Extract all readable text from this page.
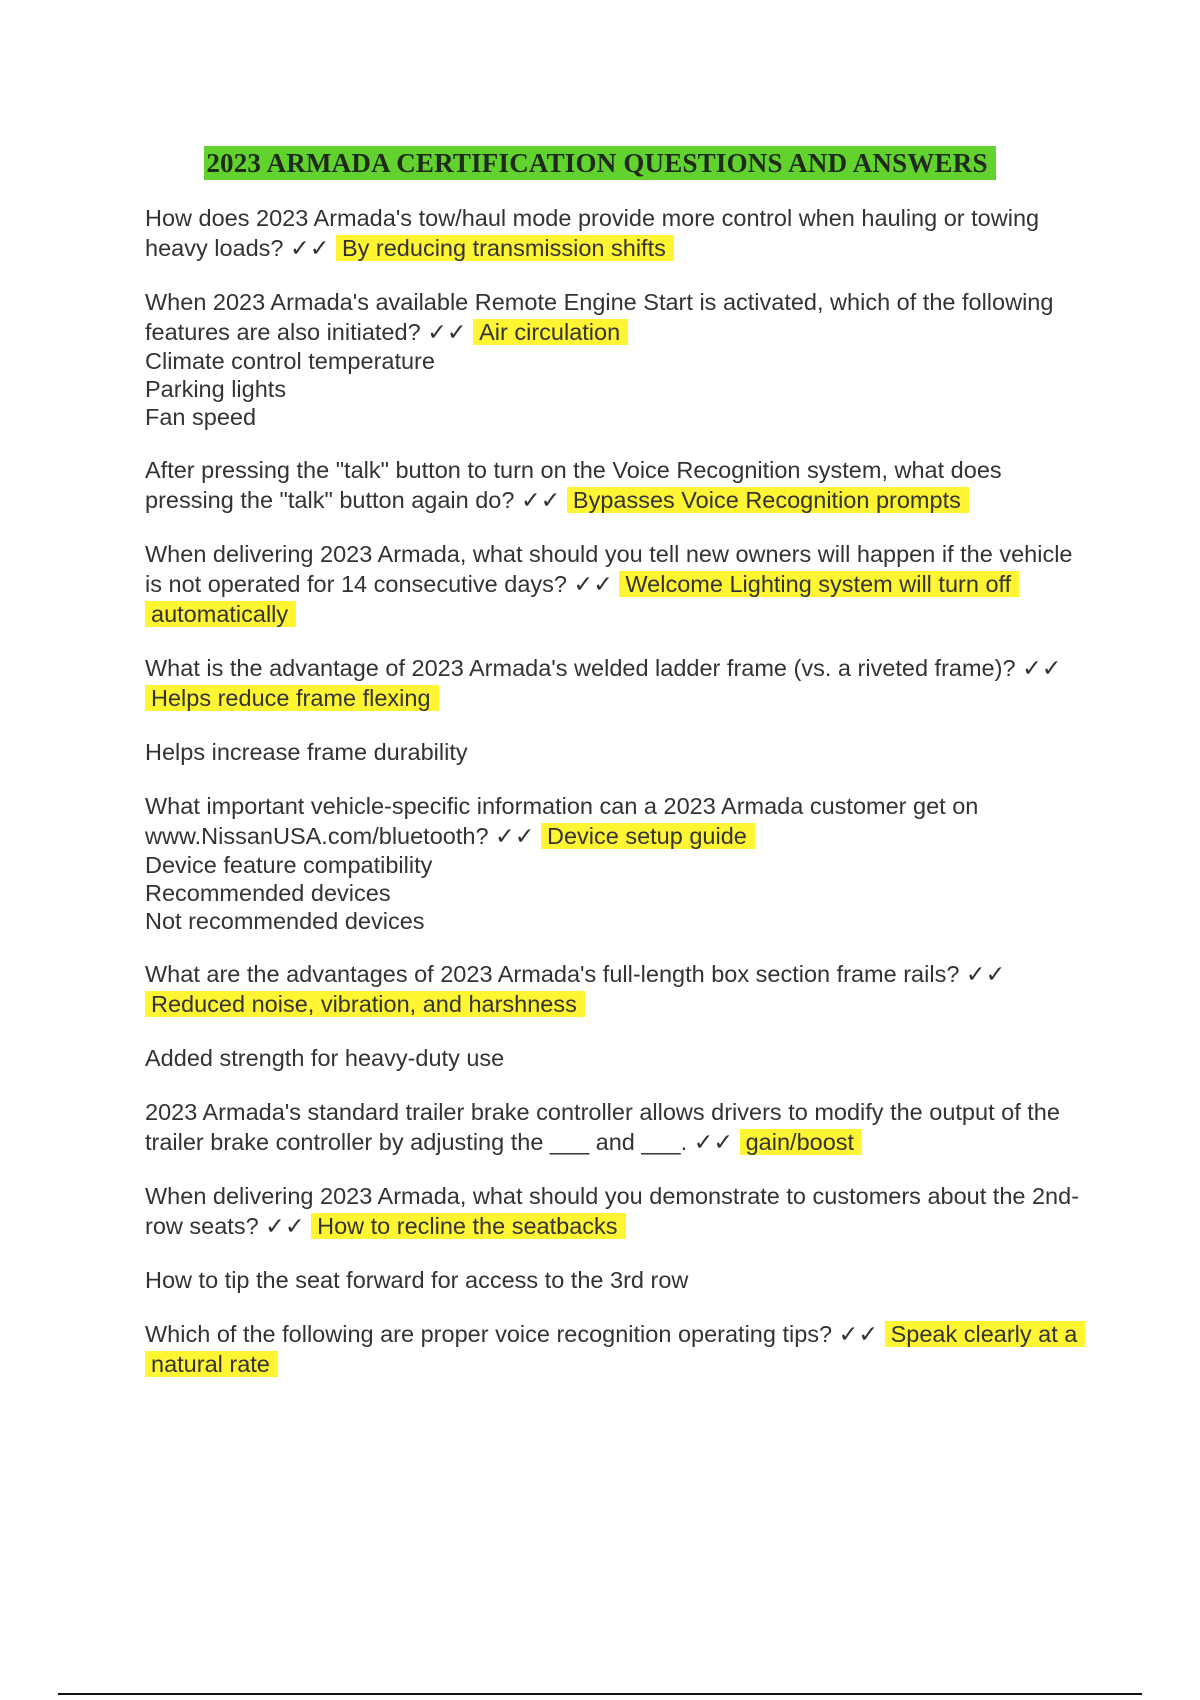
2023 ARMADA CERTIFICATION QUESTIONS AND ANSWERS

How does 2023 Armada's tow/haul mode provide more control when hauling or towing heavy loads? ✓✓ By reducing transmission shifts

When 2023 Armada's available Remote Engine Start is activated, which of the following features are also initiated? ✓✓ Air circulation

Climate control temperature
Parking lights
Fan speed

After pressing the "talk" button to turn on the Voice Recognition system, what does pressing the "talk" button again do? ✓✓ Bypasses Voice Recognition prompts

When delivering 2023 Armada, what should you tell new owners will happen if the vehicle is not operated for 14 consecutive days? ✓✓ Welcome Lighting system will turn off automatically

What is the advantage of 2023 Armada's welded ladder frame (vs. a riveted frame)? ✓✓ Helps reduce frame flexing

Helps increase frame durability

What important vehicle-specific information can a 2023 Armada customer get on www.NissanUSA.com/bluetooth? ✓✓ Device setup guide

Device feature compatibility
Recommended devices
Not recommended devices

What are the advantages of 2023 Armada's full-length box section frame rails? ✓✓ Reduced noise, vibration, and harshness

Added strength for heavy-duty use

2023 Armada's standard trailer brake controller allows drivers to modify the output of the trailer brake controller by adjusting the ___ and ___. ✓✓ gain/boost

When delivering 2023 Armada, what should you demonstrate to customers about the 2nd- row seats? ✓✓ How to recline the seatbacks

How to tip the seat forward for access to the 3rd row

Which of the following are proper voice recognition operating tips? ✓✓ Speak clearly at a natural rate
